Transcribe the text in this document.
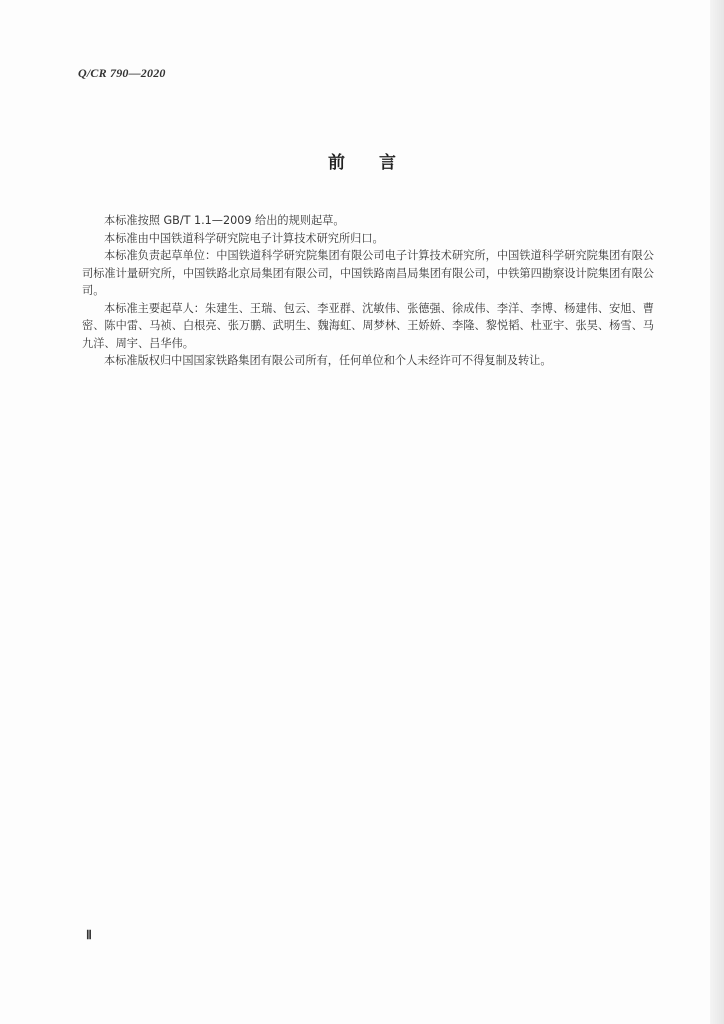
Q/CR 790—2020
前言

本标准按照 GB/T 1.1—2009 给出的规则起草。

本标准由中国铁道科学研究院电子计算技术研究所归口。

本标准负责起草单位：中国铁道科学研究院集团有限公司电子计算技术研究所，中国铁道科学研究院集团有限公司标准计量研究所，中国铁路北京局集团有限公司，中国铁路南昌局集团有限公司，中铁第四勘察设计院集团有限公司。

本标准主要起草人：朱建生、王瑞、包云、李亚群、沈敏伟、张德强、徐成伟、李洋、李博、杨建伟、安旭、曹密、陈中雷、马祯、白根亮、张万鹏、武明生、魏海虹、周梦林、王娇娇、李隆、黎悦韬、杜亚宇、张昊、杨雪、马九洋、周宇、吕华伟。

本标准版权归中国国家铁路集团有限公司所有，任何单位和个人未经许可不得复制及转让。

Ⅱ
